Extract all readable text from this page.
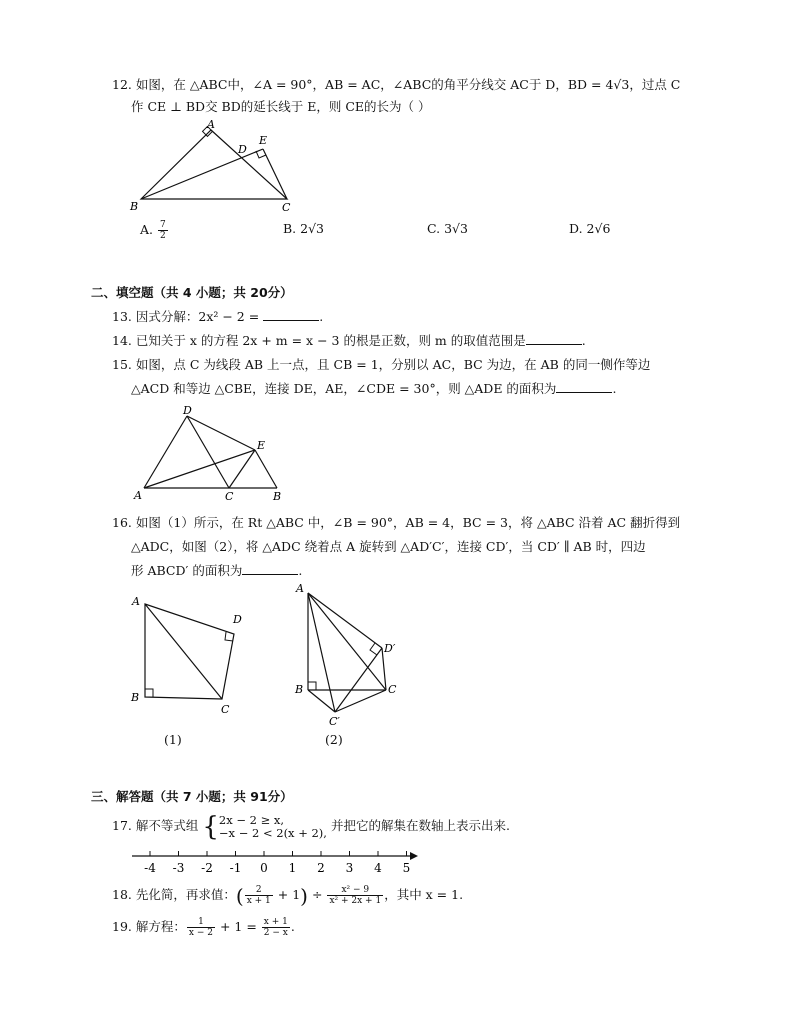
12. 如图，在 △ABC中，∠A = 90°，AB = AC，∠ABC的角平分线交 AC于 D，BD = 4√3，过点 C
作 CE ⊥ BD交 BD的延长线于 E，则 CE的长为（ ）
A
B	C
D
E
A. $\frac{7}{2}$	B. 2√3	C. 3√3	D. 2√6
二、填空题（共 4 小题；共 20分）
13. 因式分解：2x² − 2 =	.
14. 已知关于 x 的方程 2x + m = x − 3 的根是正数，则 m 的取值范围是	.
15. 如图，点 C 为线段 AB 上一点，且 CB = 1，分别以 AC，BC 为边，在 AB 的同一侧作等边
△ACD 和等边 △CBE，连接 DE，AE，∠CDE = 30°，则 △ADE 的面积为	.
D
E
A	C	B
16. 如图（1）所示，在 Rt △ABC 中，∠B = 90°，AB = 4，BC = 3，将 △ABC 沿着 AC 翻折得到
△ADC，如图（2），将 △ADC 绕着点 A 旋转到 △AD′C′，连接 CD′，当 CD′ ∥ AB 时，四边
形 ABCD′ 的面积为	.
A
D
B
C
(1)
A
D′
B	C
C′
(2)
三、解答题（共 7 小题；共 91分）
17. 解不等式组 { 2x − 2 ≥ x,
−x − 2 < 2(x + 2), 并把它的解集在数轴上表示出来.
-4 -3 -2 -1 0 1 2 3 4 5
18. 先化简，再求值：( $\frac{2}{x + 1} + 1) \div \frac{\text{x² − 9}}{\text{x² + 2x + 1}}$ ，其中 x = 1.
19. 解方程： $\frac{1}{x - 2} + 1 = \frac{x + 1}{2 - x}$ .
